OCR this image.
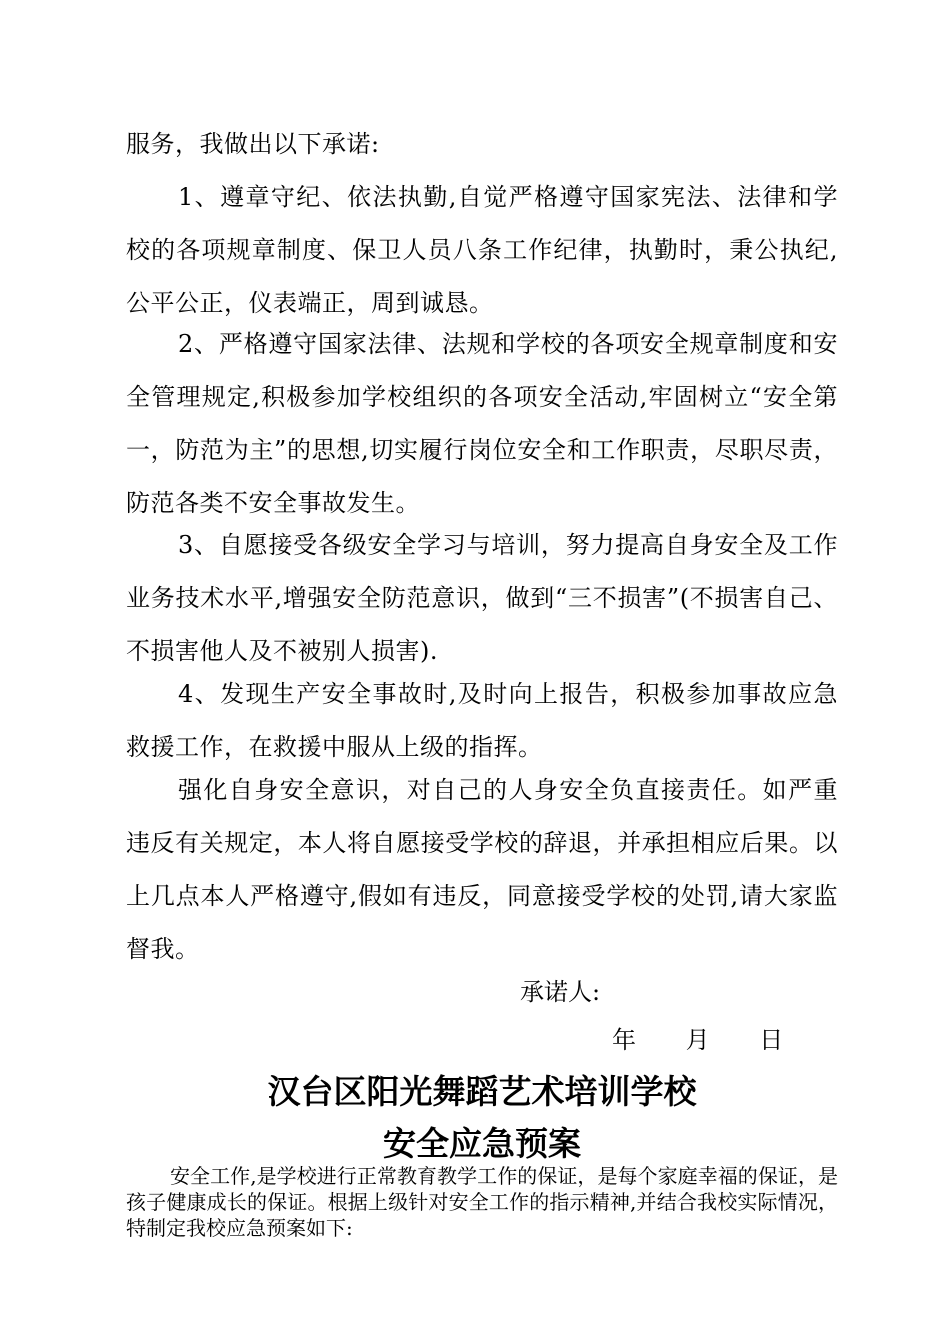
服务，我做出以下承诺:
1、遵章守纪、依法执勤,自觉严格遵守国家宪法、法律和学校的各项规章制度、保卫人员八条工作纪律，执勤时，秉公执纪,公平公正，仪表端正，周到诚恳。
2、严格遵守国家法律、法规和学校的各项安全规章制度和安全管理规定,积极参加学校组织的各项安全活动,牢固树立“安全第一，防范为主”的思想,切实履行岗位安全和工作职责，尽职尽责，防范各类不安全事故发生。
3、自愿接受各级安全学习与培训，努力提高自身安全及工作业务技术水平,增强安全防范意识，做到“三不损害”(不损害自己、不损害他人及不被别人损害).
4、发现生产安全事故时,及时向上报告，积极参加事故应急救援工作，在救援中服从上级的指挥。
强化自身安全意识，对自己的人身安全负直接责任。如严重违反有关规定，本人将自愿接受学校的辞退，并承担相应后果。以上几点本人严格遵守,假如有违反，同意接受学校的处罚,请大家监督我。
承诺人:
年 月 日
汉台区阳光舞蹈艺术培训学校
安全应急预案
安全工作,是学校进行正常教育教学工作的保证，是每个家庭幸福的保证，是孩子健康成长的保证。根据上级针对安全工作的指示精神,并结合我校实际情况，特制定我校应急预案如下:
